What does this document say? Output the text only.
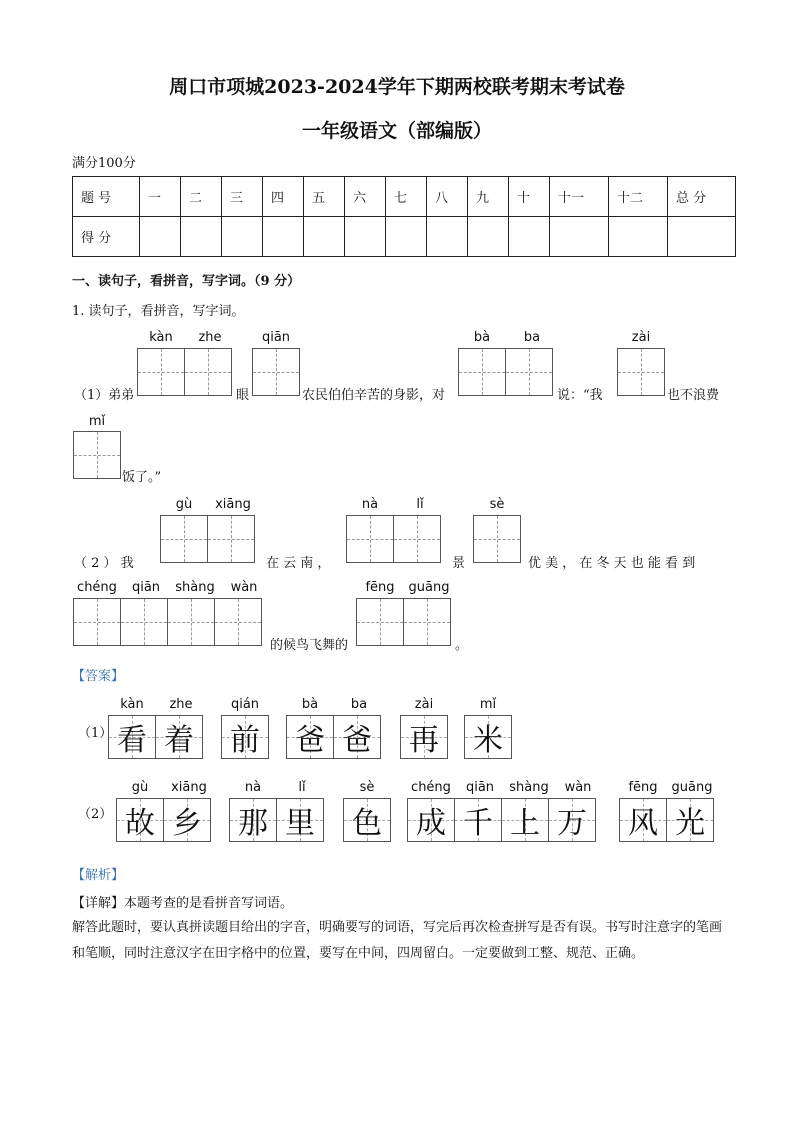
周口市项城2023-2024学年下期两校联考期末考试卷
一年级语文（部编版）
满分100分
题 号	一	二	三	四	五	六	七	八	九	十	十一	十二	总 分
得 分													
一、读句子，看拼音，写字词。（9 分）
1. 读句子，看拼音，写字词。
kàn	zhe	qiān	bà	ba	zài
（1）弟弟	眼	农民伯伯辛苦的身影，对	说：“我	也不浪费
mǐ
饭了。”
gù	xiāng	nà	lǐ	sè
（ 2 ） 我	在 云 南 ，	景	优 美 ， 在 冬 天 也 能 看 到
chéng	qiān	shàng	wàn
的候鸟飞舞的
fēng	guāng
。
【答案】
（1）
kàn	zhe
看 着
qián
前
bà	ba
爸 爸
zài
再
mǐ
米
（2）
gù	xiāng
故 乡
nà	lǐ
那 里
sè
色
chéng	qiān	shàng	wàn
成 千 上 万
fēng	guāng
风 光
【解析】
【详解】本题考查的是看拼音写词语。
解答此题时，要认真拼读题目给出的字音，明确要写的词语，写完后再次检查拼写是否有误。书写时注意字的笔画和笔顺，同时注意汉字在田字格中的位置，要写在中间，四周留白。一定要做到工整、规范、正确。
